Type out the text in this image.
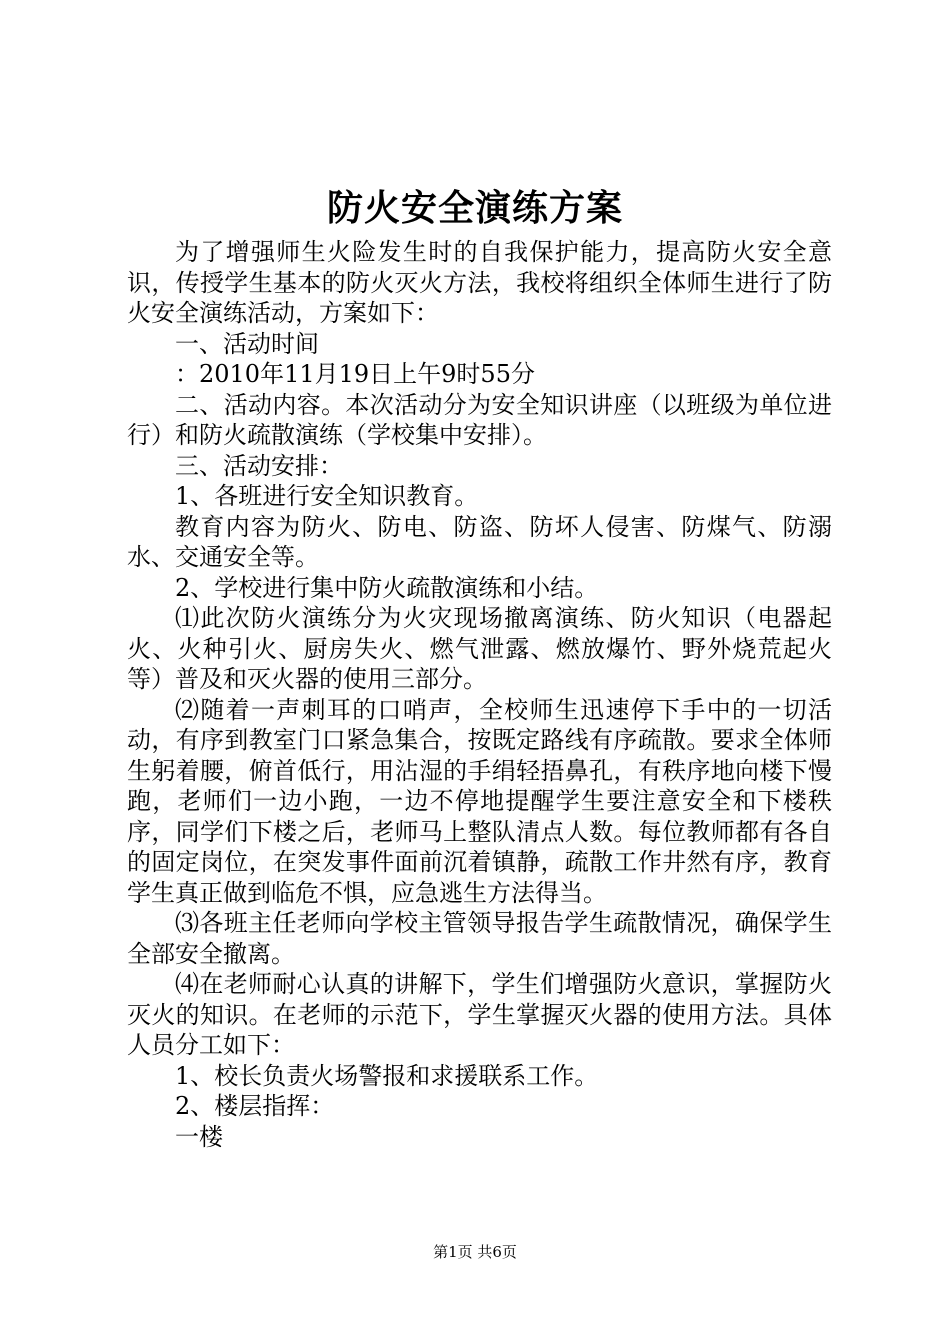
防火安全演练方案

为了增强师生火险发生时的自我保护能力，提高防火安全意识，传授学生基本的防火灭火方法，我校将组织全体师生进行了防火安全演练活动，方案如下：

一、活动时间

：2010年11月19日上午9时55分

二、活动内容。本次活动分为安全知识讲座（以班级为单位进行）和防火疏散演练（学校集中安排）。

三、活动安排：

1、各班进行安全知识教育。

教育内容为防火、防电、防盗、防坏人侵害、防煤气、防溺水、交通安全等。

2、学校进行集中防火疏散演练和小结。

⑴此次防火演练分为火灾现场撤离演练、防火知识（电器起火、火种引火、厨房失火、燃气泄露、燃放爆竹、野外烧荒起火等）普及和灭火器的使用三部分。

⑵随着一声刺耳的口哨声，全校师生迅速停下手中的一切活动，有序到教室门口紧急集合，按既定路线有序疏散。要求全体师生躬着腰，俯首低行，用沾湿的手绢轻捂鼻孔，有秩序地向楼下慢跑，老师们一边小跑，一边不停地提醒学生要注意安全和下楼秩序，同学们下楼之后，老师马上整队清点人数。每位教师都有各自的固定岗位，在突发事件面前沉着镇静，疏散工作井然有序，教育学生真正做到临危不惧，应急逃生方法得当。

⑶各班主任老师向学校主管领导报告学生疏散情况，确保学生全部安全撤离。

⑷在老师耐心认真的讲解下，学生们增强防火意识，掌握防火灭火的知识。在老师的示范下，学生掌握灭火器的使用方法。具体人员分工如下：

1、校长负责火场警报和求援联系工作。

2、楼层指挥：

一楼

第1页 共6页
